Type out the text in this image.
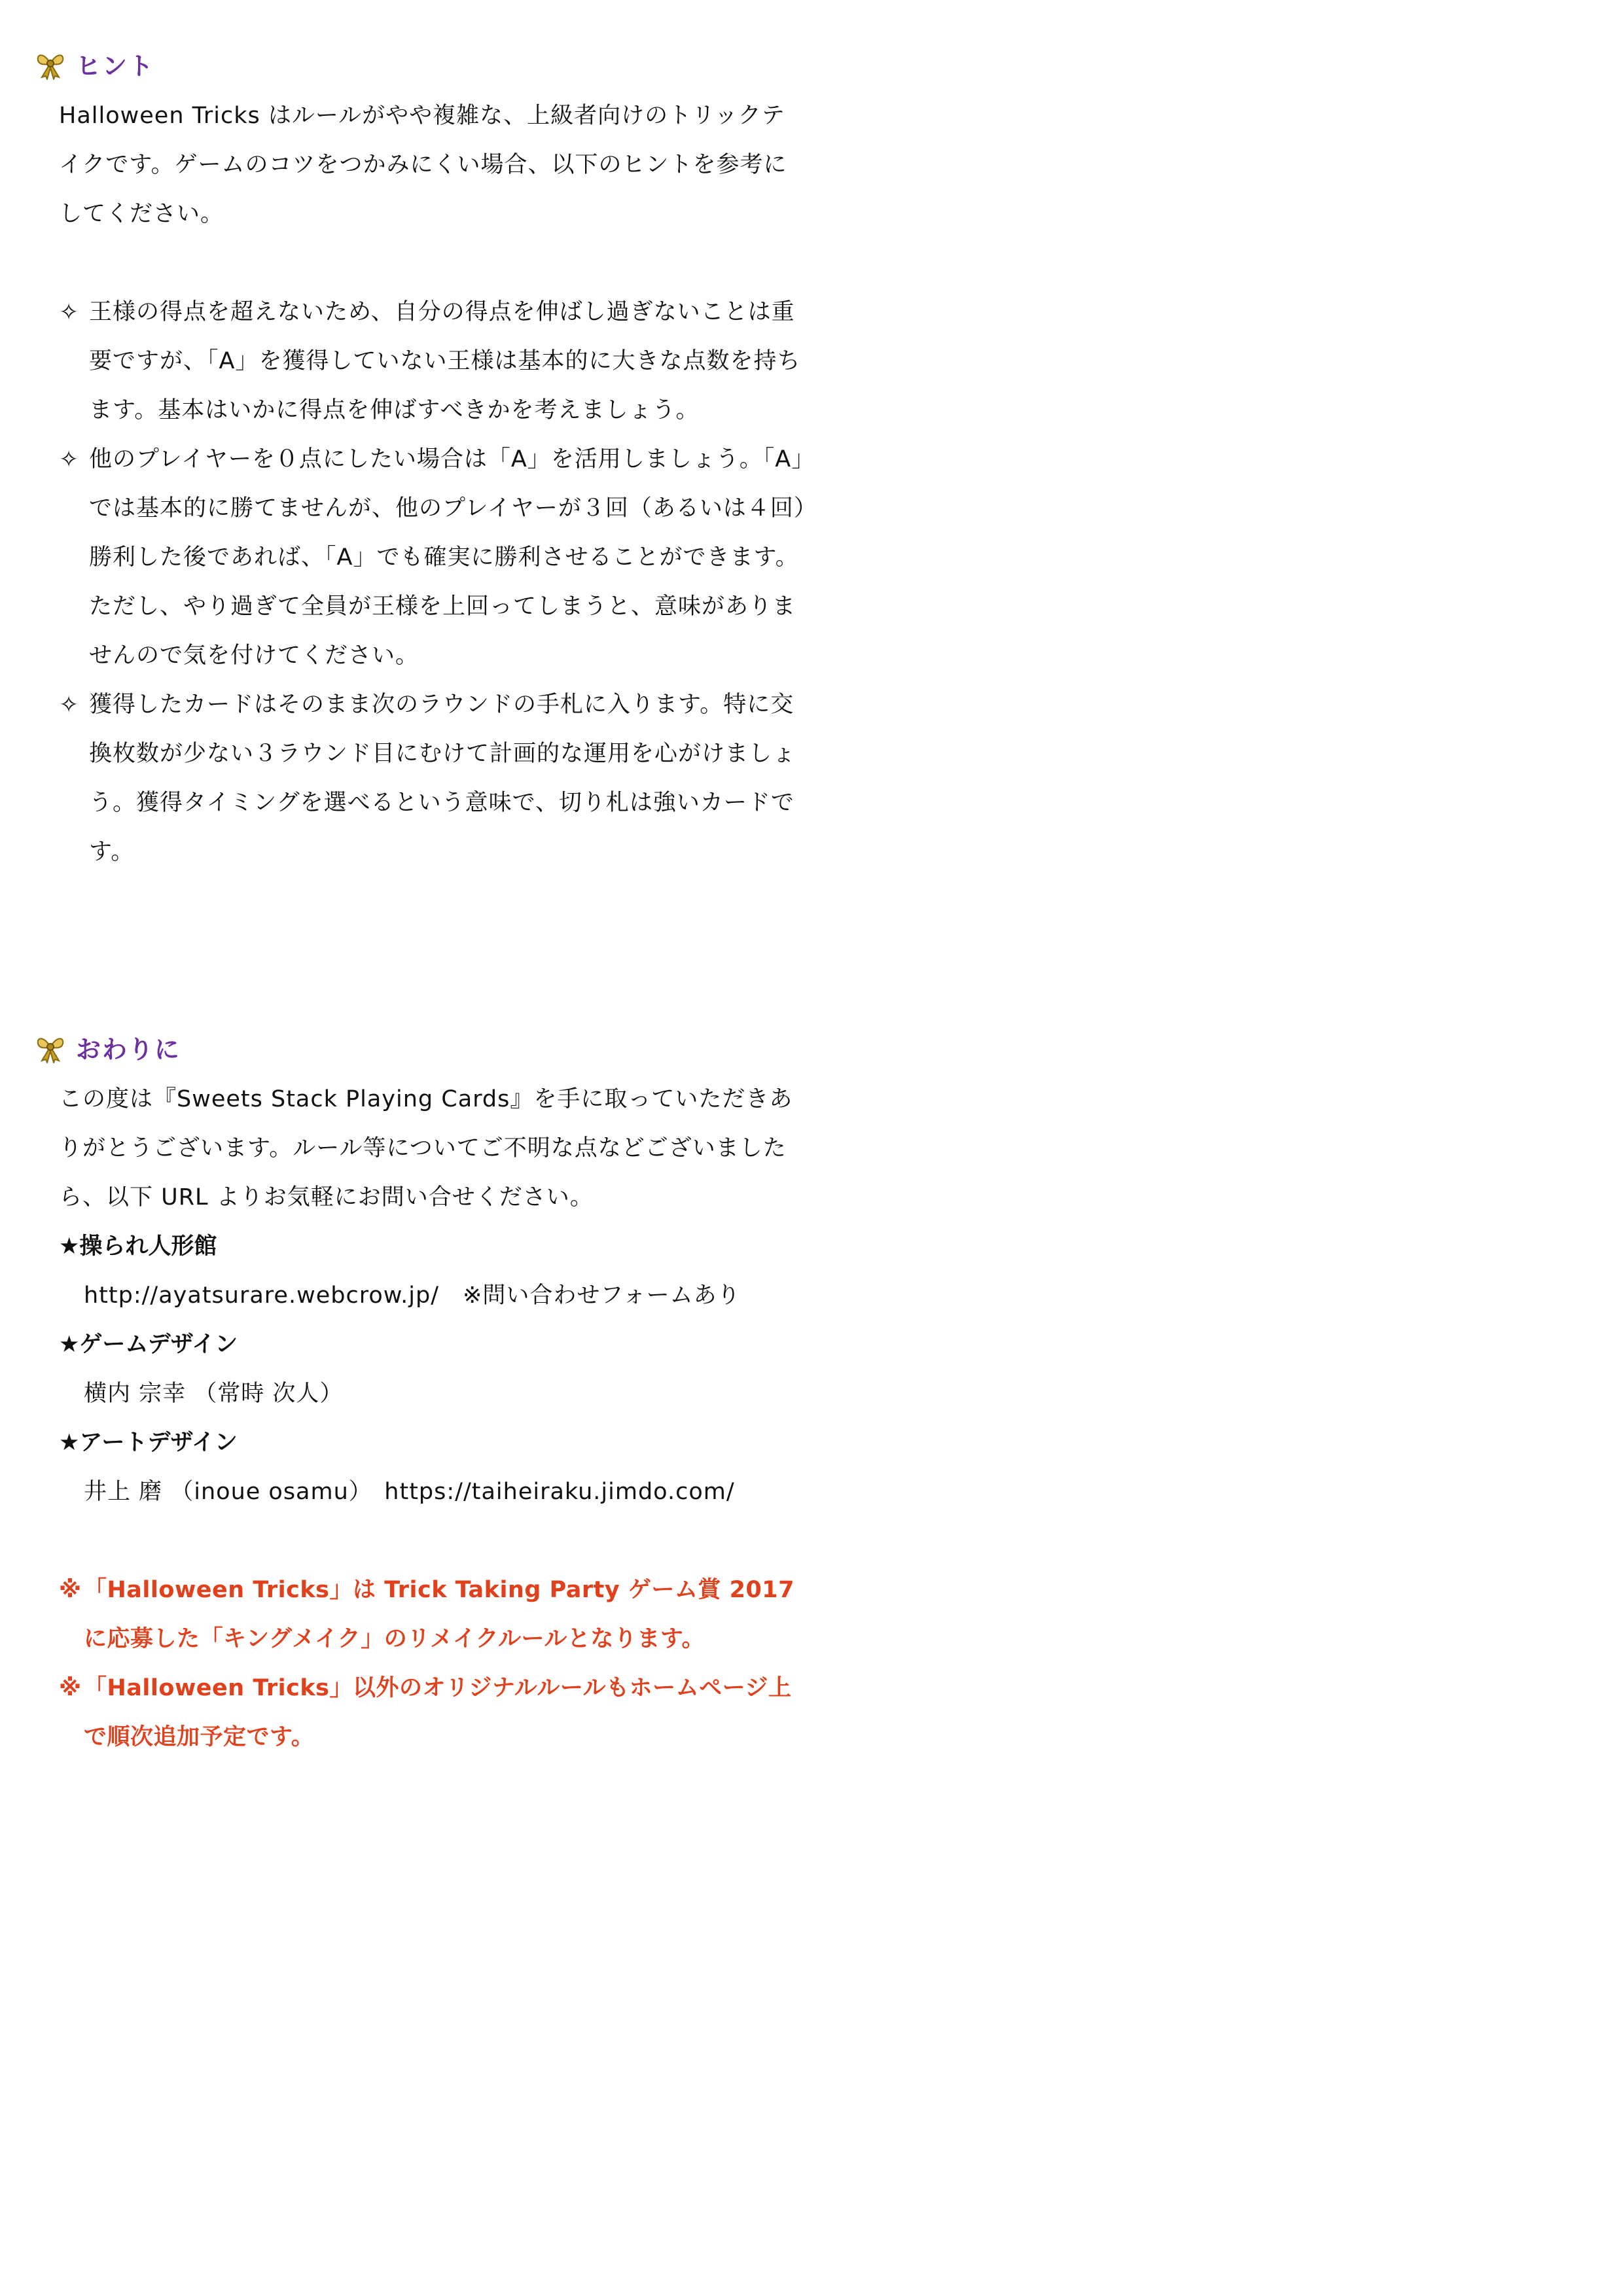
ヒント
Halloween Tricks はルールがやや複雑な、上級者向けのトリックテイクです。ゲームのコツをつかみにくい場合、以下のヒントを参考にしてください。
✧ 王様の得点を超えないため、自分の得点を伸ばし過ぎないことは重要ですが、「A」を獲得していない王様は基本的に大きな点数を持ちます。基本はいかに得点を伸ばすべきかを考えましょう。
✧ 他のプレイヤーを０点にしたい場合は「A」を活用しましょう。「A」では基本的に勝てませんが、他のプレイヤーが３回（あるいは４回）勝利した後であれば、「A」でも確実に勝利させることができます。ただし、やり過ぎて全員が王様を上回ってしまうと、意味がありませんので気を付けてください。
✧ 獲得したカードはそのまま次のラウンドの手札に入ります。特に交換枚数が少ない３ラウンド目にむけて計画的な運用を心がけましょう。獲得タイミングを選べるという意味で、切り札は強いカードです。
おわりに
この度は『Sweets Stack Playing Cards』を手に取っていただきありがとうございます。ルール等についてご不明な点などございましたら、以下 URL よりお気軽にお問い合せください。
★操られ人形館
http://ayatsurare.webcrow.jp/　※問い合わせフォームあり
★ゲームデザイン
横内 宗幸 （常時 次人）
★アートデザイン
井上 磨 （inoue osamu）　https://taiheiraku.jimdo.com/
※ 「Halloween Tricks」は Trick Taking Party ゲーム賞 2017 に応募した「キングメイク」のリメイクルールとなります。
※ 「Halloween Tricks」以外のオリジナルルールもホームページ上で順次追加予定です。
